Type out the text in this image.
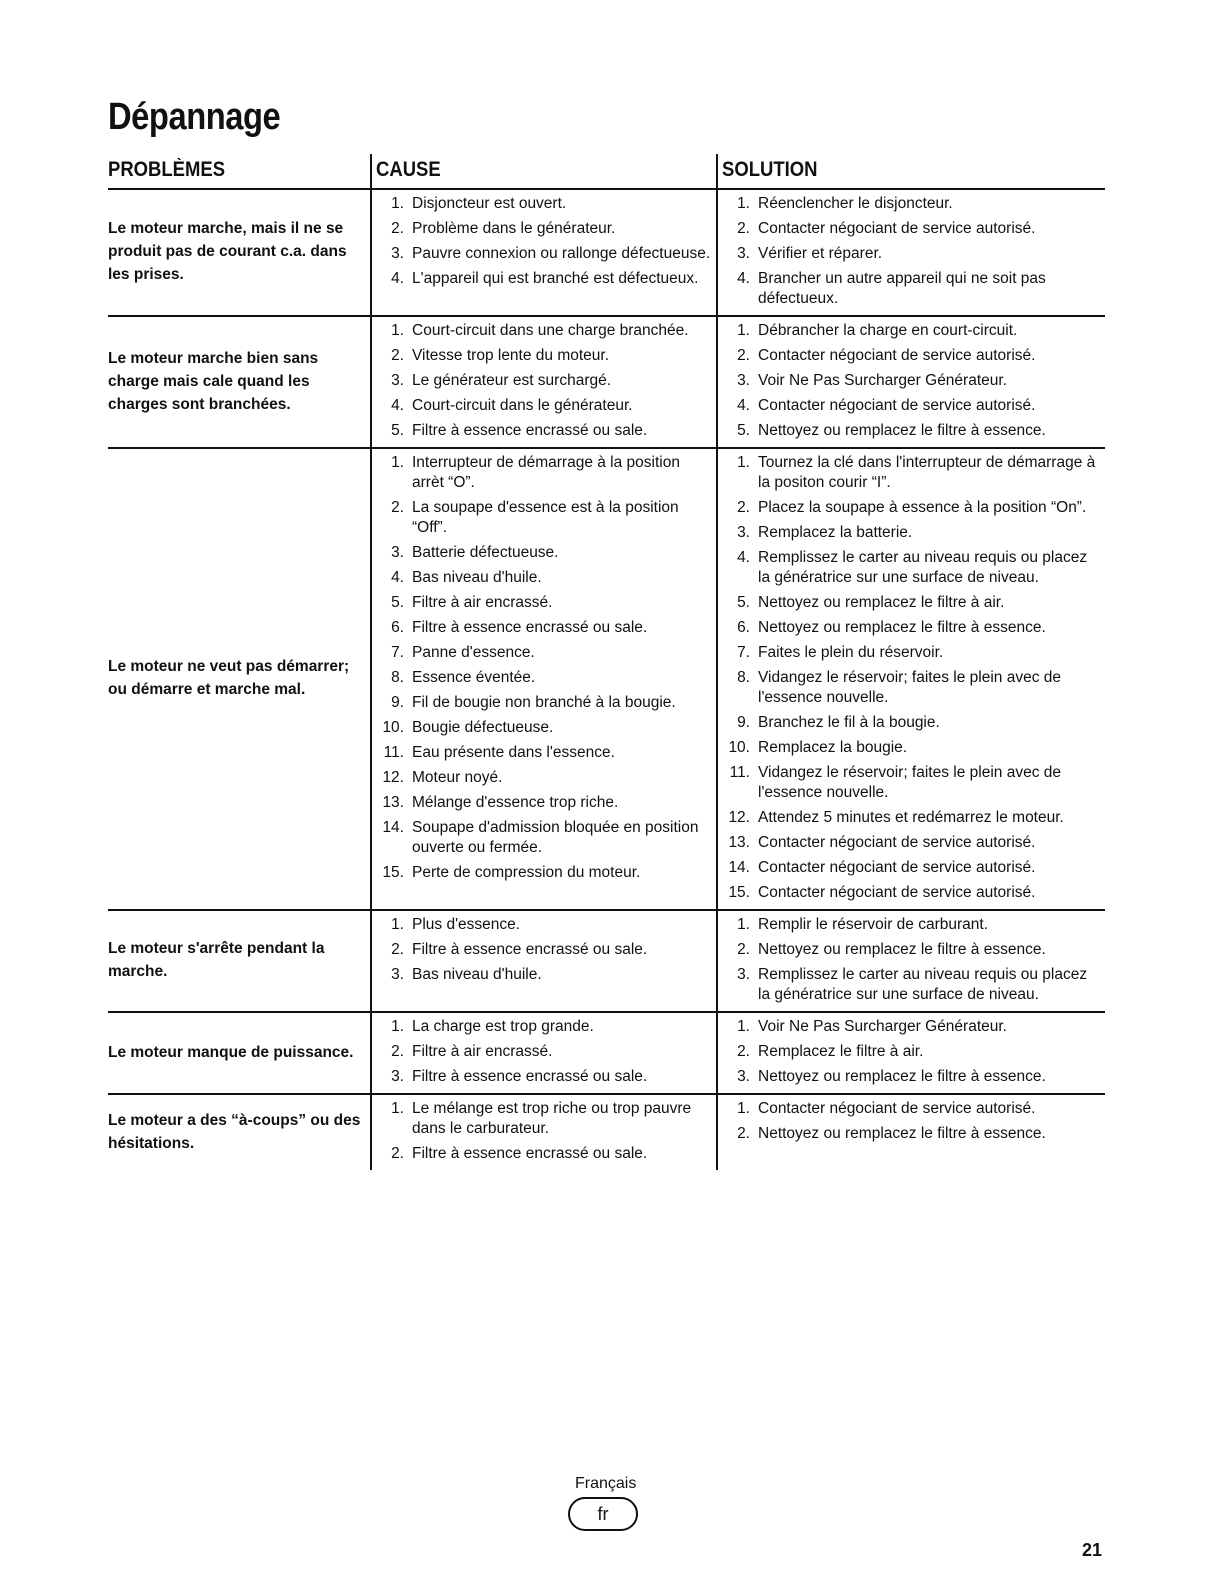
Dépannage
PROBLÈMES	CAUSE	SOLUTION
Le moteur marche, mais il ne se produit pas de courant c.a. dans les prises.
1. Disjoncteur est ouvert.
2. Problème dans le générateur.
3. Pauvre connexion ou rallonge défectueuse.
4. L'appareil qui est branché est défectueux.
1. Réenclencher le disjoncteur.
2. Contacter négociant de service autorisé.
3. Vérifier et réparer.
4. Brancher un autre appareil qui ne soit pas défectueux.
Le moteur marche bien sans charge mais cale quand les charges sont branchées.
1. Court-circuit dans une charge branchée.
2. Vitesse trop lente du moteur.
3. Le générateur est surchargé.
4. Court-circuit dans le générateur.
5. Filtre à essence encrassé ou sale.
1. Débrancher la charge en court-circuit.
2. Contacter négociant de service autorisé.
3. Voir Ne Pas Surcharger Générateur.
4. Contacter négociant de service autorisé.
5. Nettoyez ou remplacez le filtre à essence.
Le moteur ne veut pas démarrer; ou démarre et marche mal.
1. Interrupteur de démarrage à la position arrèt “O”.
2. La soupape d'essence est à la position “Off”.
3. Batterie défectueuse.
4. Bas niveau d'huile.
5. Filtre à air encrassé.
6. Filtre à essence encrassé ou sale.
7. Panne d'essence.
8. Essence éventée.
9. Fil de bougie non branché à la bougie.
10. Bougie défectueuse.
11. Eau présente dans l'essence.
12. Moteur noyé.
13. Mélange d'essence trop riche.
14. Soupape d'admission bloquée en position ouverte ou fermée.
15. Perte de compression du moteur.
1. Tournez la clé dans l'interrupteur de démarrage à la positon courir “I”.
2. Placez la soupape à essence à la position “On”.
3. Remplacez la batterie.
4. Remplissez le carter au niveau requis ou placez la génératrice sur une surface de niveau.
5. Nettoyez ou remplacez le filtre à air.
6. Nettoyez ou remplacez le filtre à essence.
7. Faites le plein du réservoir.
8. Vidangez le réservoir; faites le plein avec de l'essence nouvelle.
9. Branchez le fil à la bougie.
10. Remplacez la bougie.
11. Vidangez le réservoir; faites le plein avec de l'essence nouvelle.
12. Attendez 5 minutes et redémarrez le moteur.
13. Contacter négociant de service autorisé.
14. Contacter négociant de service autorisé.
15. Contacter négociant de service autorisé.
Le moteur s'arrête pendant la marche.
1. Plus d'essence.
2. Filtre à essence encrassé ou sale.
3. Bas niveau d'huile.
1. Remplir le réservoir de carburant.
2. Nettoyez ou remplacez le filtre à essence.
3. Remplissez le carter au niveau requis ou placez la génératrice sur une surface de niveau.
Le moteur manque de puissance.
1. La charge est trop grande.
2. Filtre à air encrassé.
3. Filtre à essence encrassé ou sale.
1. Voir Ne Pas Surcharger Générateur.
2. Remplacez le filtre à air.
3. Nettoyez ou remplacez le filtre à essence.
Le moteur a des “à-coups” ou des hésitations.
1. Le mélange est trop riche ou trop pauvre dans le carburateur.
2. Filtre à essence encrassé ou sale.
1. Contacter négociant de service autorisé.
2. Nettoyez ou remplacez le filtre à essence.
Français
fr
21
